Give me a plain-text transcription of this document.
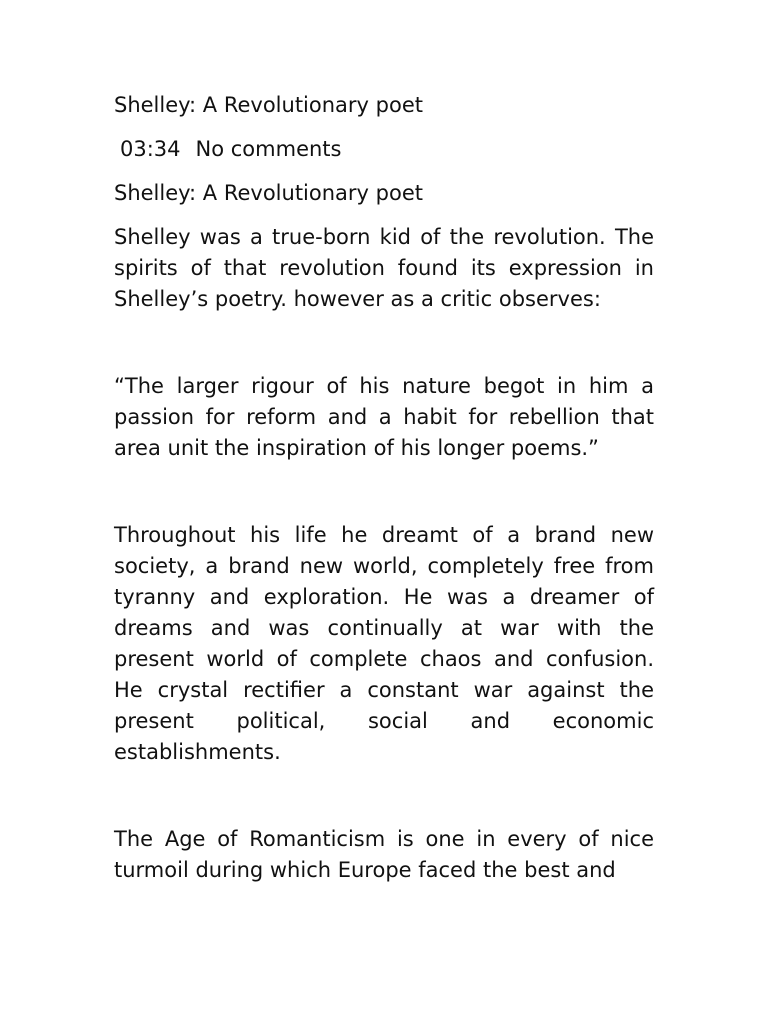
Shelley: A Revolutionary poet

03:34 No comments

Shelley: A Revolutionary poet

Shelley was a true-born kid of the revolution. The spirits of that revolution found its expression in Shelley’s poetry. however as a critic observes:

“The larger rigour of his nature begot in him a passion for reform and a habit for rebellion that area unit the inspiration of his longer poems.”

Throughout his life he dreamt of a brand new society, a brand new world, completely free from tyranny and exploration. He was a dreamer of dreams and was continually at war with the present world of complete chaos and confusion. He crystal rectifier a constant war against the present political, social and economic establishments.

The Age of Romanticism is one in every of nice turmoil during which Europe faced the best and
